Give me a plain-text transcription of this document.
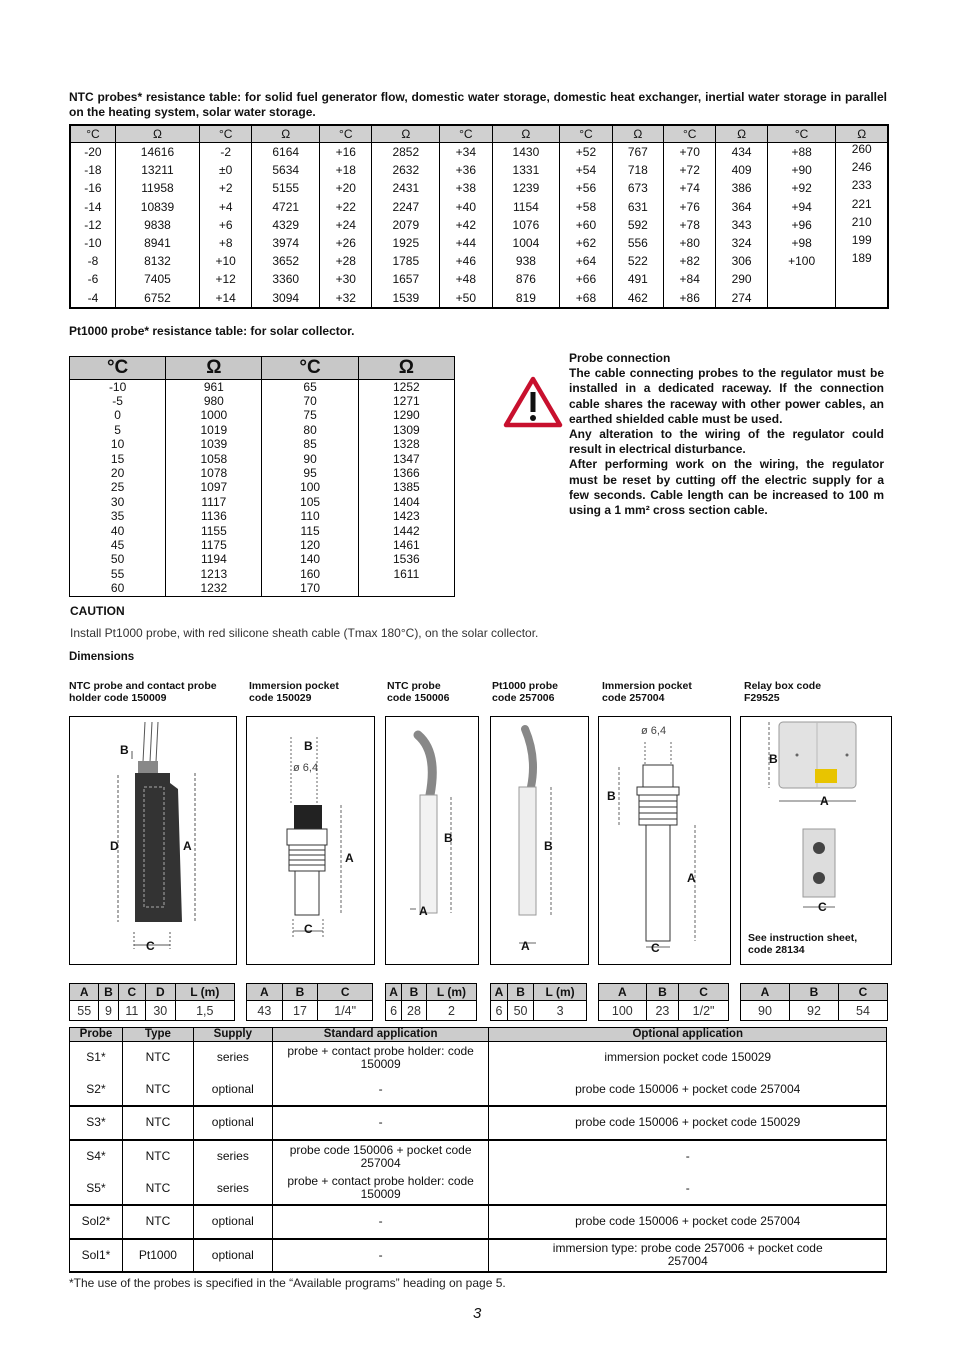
NTC probes* resistance table: for solid fuel generator flow, domestic water storage, domestic heat exchanger, inertial water storage in parallel on the heating system, solar water storage.
°C	Ω	°C	Ω	°C	Ω	°C	Ω	°C	Ω	°C	Ω	°C	Ω
-20	14616	-2	6164	+16	2852	+34	1430	+52	767	+70	434	+88	260
-18	13211	±0	5634	+18	2632	+36	1331	+54	718	+72	409	+90	246
-16	11958	+2	5155	+20	2431	+38	1239	+56	673	+74	386	+92	233
-14	10839	+4	4721	+22	2247	+40	1154	+58	631	+76	364	+94	221
-12	9838	+6	4329	+24	2079	+42	1076	+60	592	+78	343	+96	210
-10	8941	+8	3974	+26	1925	+44	1004	+62	556	+80	324	+98	199
-8	8132	+10	3652	+28	1785	+46	938	+64	522	+82	306	+100	189
-6	7405	+12	3360	+30	1657	+48	876	+66	491	+84	290		
-4	6752	+14	3094	+32	1539	+50	819	+68	462	+86	274		
Pt1000 probe* resistance table: for solar collector.
°C	Ω	°C	Ω
-10	961	65	1252
-5	980	70	1271
0	1000	75	1290
5	1019	80	1309
10	1039	85	1328
15	1058	90	1347
20	1078	95	1366
25	1097	100	1385
30	1117	105	1404
35	1136	110	1423
40	1155	115	1442
45	1175	120	1461
50	1194	140	1536
55	1213	160	1611
60	1232	170	
Probe connection
The cable connecting probes to the regulator must be installed in a dedicated raceway. If the connection cable shares the raceway with other power cables, an earthed shielded cable must be used.
Any alteration to the wiring of the regulator could result in electrical disturbance.
After performing work on the wiring, the regulator must be reset by cutting off the electric supply for a few seconds. Cable length can be increased to 100 m using a 1 mm² cross section cable.
CAUTION
Install Pt1000 probe, with red silicone sheath cable (Tmax 180°C), on the solar collector.
Dimensions
NTC probe and contact probe holder code 150009
Immersion pocket code 150029
NTC probe code 150006
Pt1000 probe code 257006
Immersion pocket code 257004
Relay box code F29525
B
D	A
C
B
ø 6,4
A
C
B
A
B
A
ø 6,4
B
A
C
B
A
C
See instruction sheet, code 28134
A	B	C	D	L (m)
55	9	11	30	1,5
A	B	C
43	17	1/4"
A	B	L (m)
6	28	2
A	B	L (m)
6	50	3
A	B	C
100	23	1/2"
A	B	C
90	92	54
Probe	Type	Supply	Standard application	Optional application
S1*	NTC	series	probe + contact probe holder: code 150009	immersion pocket code 150029
S2*	NTC	optional	-	probe code 150006 + pocket code 257004
S3*	NTC	optional	-	probe code 150006 + pocket code 150029
S4*	NTC	series	probe code 150006 + pocket code 257004	-
S5*	NTC	series	probe + contact probe holder: code 150009	-
Sol2*	NTC	optional	-	probe code 150006 + pocket code 257004
Sol1*	Pt1000	optional	-	immersion type: probe code 257006 + pocket code 257004
*The use of the probes is specified in the “Available programs” heading on page 5.
3
